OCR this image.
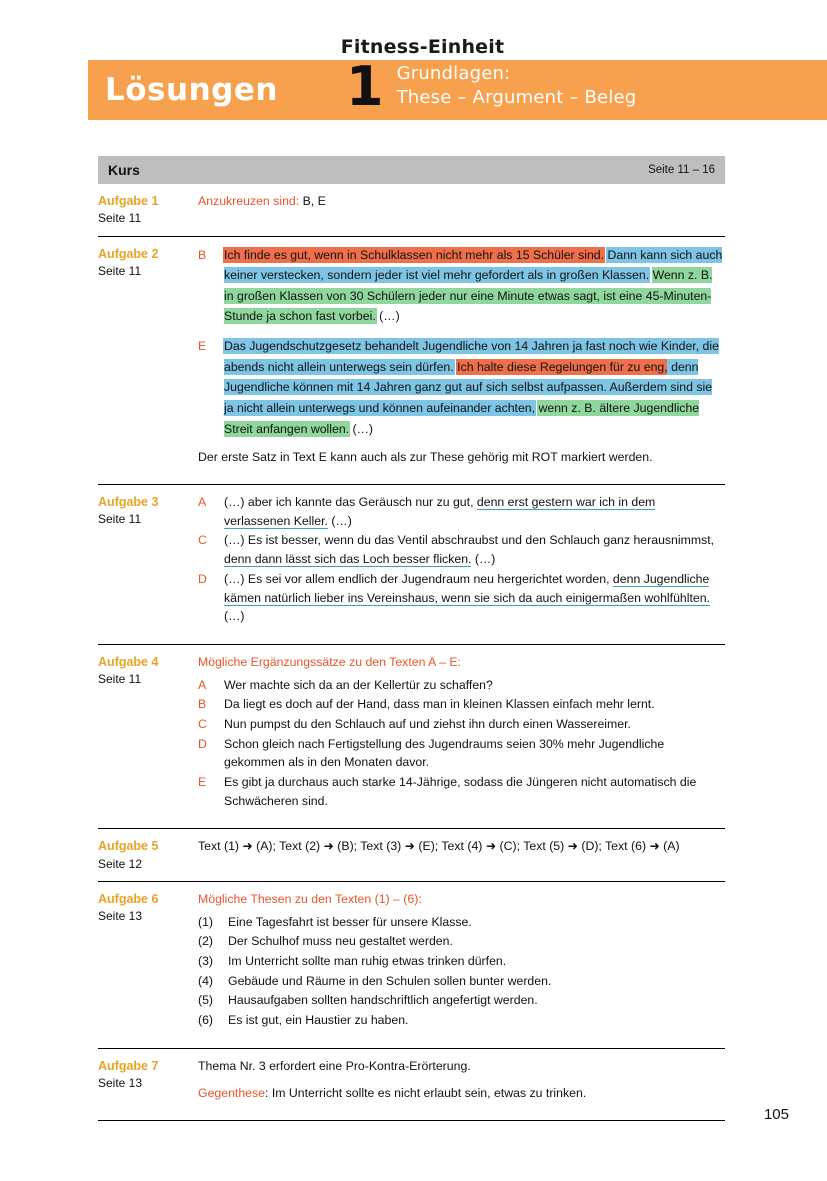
Fitness-Einheit
Lösungen 1 Grundlagen:
These – Argument – Beleg
Kurs	Seite 11 – 16
Aufgabe 1
Seite 11
Anzukreuzen sind: B, E
Aufgabe 2
Seite 11
B	Ich finde es gut, wenn in Schulklassen nicht mehr als 15 Schüler sind. Dann kann sich auch keiner verstecken, sondern jeder ist viel mehr gefordert als in großen Klassen. Wenn z. B. in großen Klassen von 30 Schülern jeder nur eine Minute etwas sagt, ist eine 45-Minuten-Stunde ja schon fast vorbei. (…)
E	Das Jugendschutzgesetz behandelt Jugendliche von 14 Jahren ja fast noch wie Kinder, die abends nicht allein unterwegs sein dürfen. Ich halte diese Regelungen für zu eng, denn Jugendliche können mit 14 Jahren ganz gut auf sich selbst aufpassen. Außerdem sind sie ja nicht allein unterwegs und können aufeinander achten, wenn z. B. ältere Jugendliche Streit anfangen wollen. (…)
Der erste Satz in Text E kann auch als zur These gehörig mit ROT markiert werden.
Aufgabe 3
Seite 11
A	(…) aber ich kannte das Geräusch nur zu gut, denn erst gestern war ich in dem verlassenen Keller. (…)
C	(…) Es ist besser, wenn du das Ventil abschraubst und den Schlauch ganz herausnimmst, denn dann lässt sich das Loch besser flicken. (…)
D	(…) Es sei vor allem endlich der Jugendraum neu hergerichtet worden, denn Jugendliche kämen natürlich lieber ins Vereinshaus, wenn sie sich da auch einigermaßen wohlfühlten. (…)
Aufgabe 4
Seite 11
Mögliche Ergänzungssätze zu den Texten A – E:
A	Wer machte sich da an der Kellertür zu schaffen?
B	Da liegt es doch auf der Hand, dass man in kleinen Klassen einfach mehr lernt.
C	Nun pumpst du den Schlauch auf und ziehst ihn durch einen Wassereimer.
D	Schon gleich nach Fertigstellung des Jugendraums seien 30% mehr Jugendliche gekommen als in den Monaten davor.
E	Es gibt ja durchaus auch starke 14-Jährige, sodass die Jüngeren nicht automatisch die Schwächeren sind.
Aufgabe 5
Seite 12
Text (1) ➜ (A); Text (2) ➜ (B); Text (3) ➜ (E); Text (4) ➜ (C); Text (5) ➜ (D); Text (6) ➜ (A)
Aufgabe 6
Seite 13
Mögliche Thesen zu den Texten (1) – (6):
(1)	Eine Tagesfahrt ist besser für unsere Klasse.
(2)	Der Schulhof muss neu gestaltet werden.
(3)	Im Unterricht sollte man ruhig etwas trinken dürfen.
(4)	Gebäude und Räume in den Schulen sollen bunter werden.
(5)	Hausaufgaben sollten handschriftlich angefertigt werden.
(6)	Es ist gut, ein Haustier zu haben.
Aufgabe 7
Seite 13
Thema Nr. 3 erfordert eine Pro-Kontra-Erörterung.
Gegenthese: Im Unterricht sollte es nicht erlaubt sein, etwas zu trinken.
105
